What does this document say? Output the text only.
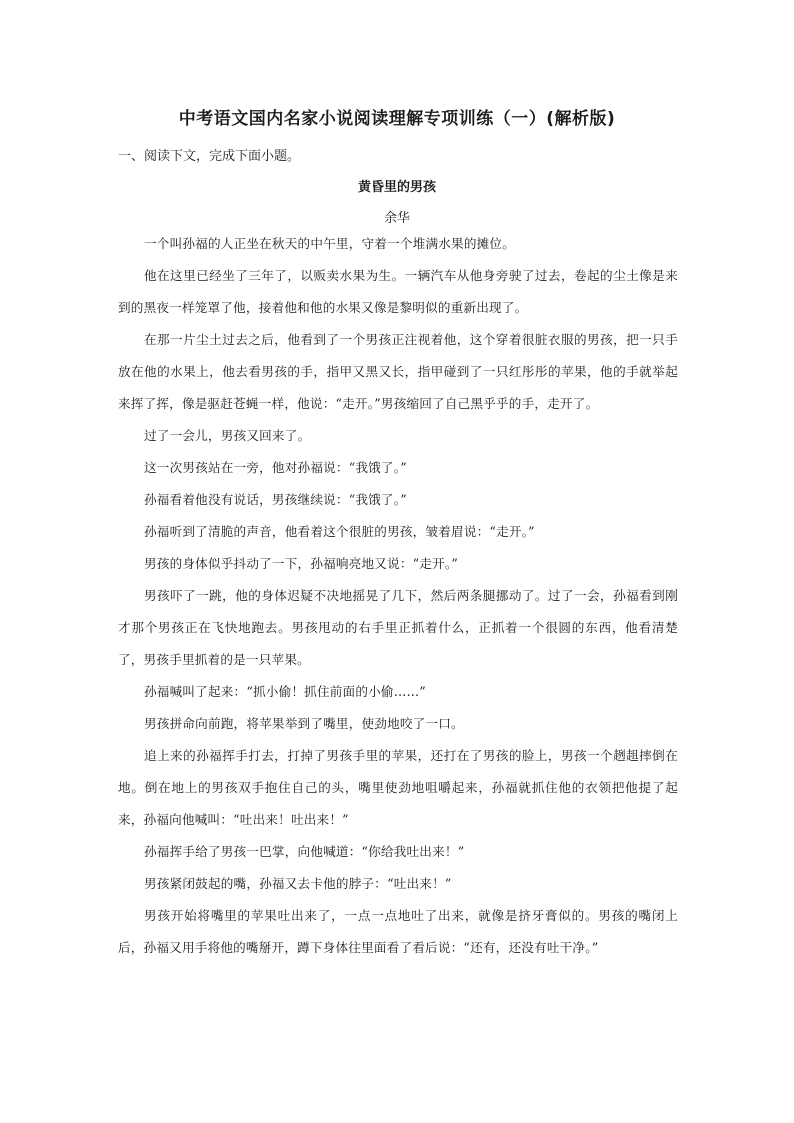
中考语文国内名家小说阅读理解专项训练（一）(解析版)

一、阅读下文，完成下面小题。

黄昏里的男孩

余华

一个叫孙福的人正坐在秋天的中午里，守着一个堆满水果的摊位。

他在这里已经坐了三年了，以贩卖水果为生。一辆汽车从他身旁驶了过去，卷起的尘土像是来到的黑夜一样笼罩了他，接着他和他的水果又像是黎明似的重新出现了。

在那一片尘土过去之后，他看到了一个男孩正注视着他，这个穿着很脏衣服的男孩，把一只手放在他的水果上，他去看男孩的手，指甲又黑又长，指甲碰到了一只红彤彤的苹果，他的手就举起来挥了挥，像是驱赶苍蝇一样，他说：“走开。”男孩缩回了自己黑乎乎的手，走开了。

过了一会儿，男孩又回来了。

这一次男孩站在一旁，他对孙福说：“我饿了。”

孙福看着他没有说话，男孩继续说：“我饿了。”

孙福听到了清脆的声音，他看着这个很脏的男孩，皱着眉说：“走开。”

男孩的身体似乎抖动了一下，孙福响亮地又说：“走开。”

男孩吓了一跳，他的身体迟疑不决地摇晃了几下，然后两条腿挪动了。过了一会，孙福看到刚才那个男孩正在飞快地跑去。男孩甩动的右手里正抓着什么，正抓着一个很圆的东西，他看清楚了，男孩手里抓着的是一只苹果。

孙福喊叫了起来：“抓小偷！抓住前面的小偷……”

男孩拼命向前跑，将苹果举到了嘴里，使劲地咬了一口。

追上来的孙福挥手打去，打掉了男孩手里的苹果，还打在了男孩的脸上，男孩一个趔趄摔倒在地。倒在地上的男孩双手抱住自己的头，嘴里使劲地咀嚼起来，孙福就抓住他的衣领把他提了起来，孙福向他喊叫：“吐出来！吐出来！”

孙福挥手给了男孩一巴掌，向他喊道：“你给我吐出来！”

男孩紧闭鼓起的嘴，孙福又去卡他的脖子：“吐出来！”

男孩开始将嘴里的苹果吐出来了，一点一点地吐了出来，就像是挤牙膏似的。男孩的嘴闭上后，孙福又用手将他的嘴掰开，蹲下身体往里面看了看后说：“还有，还没有吐干净。”
